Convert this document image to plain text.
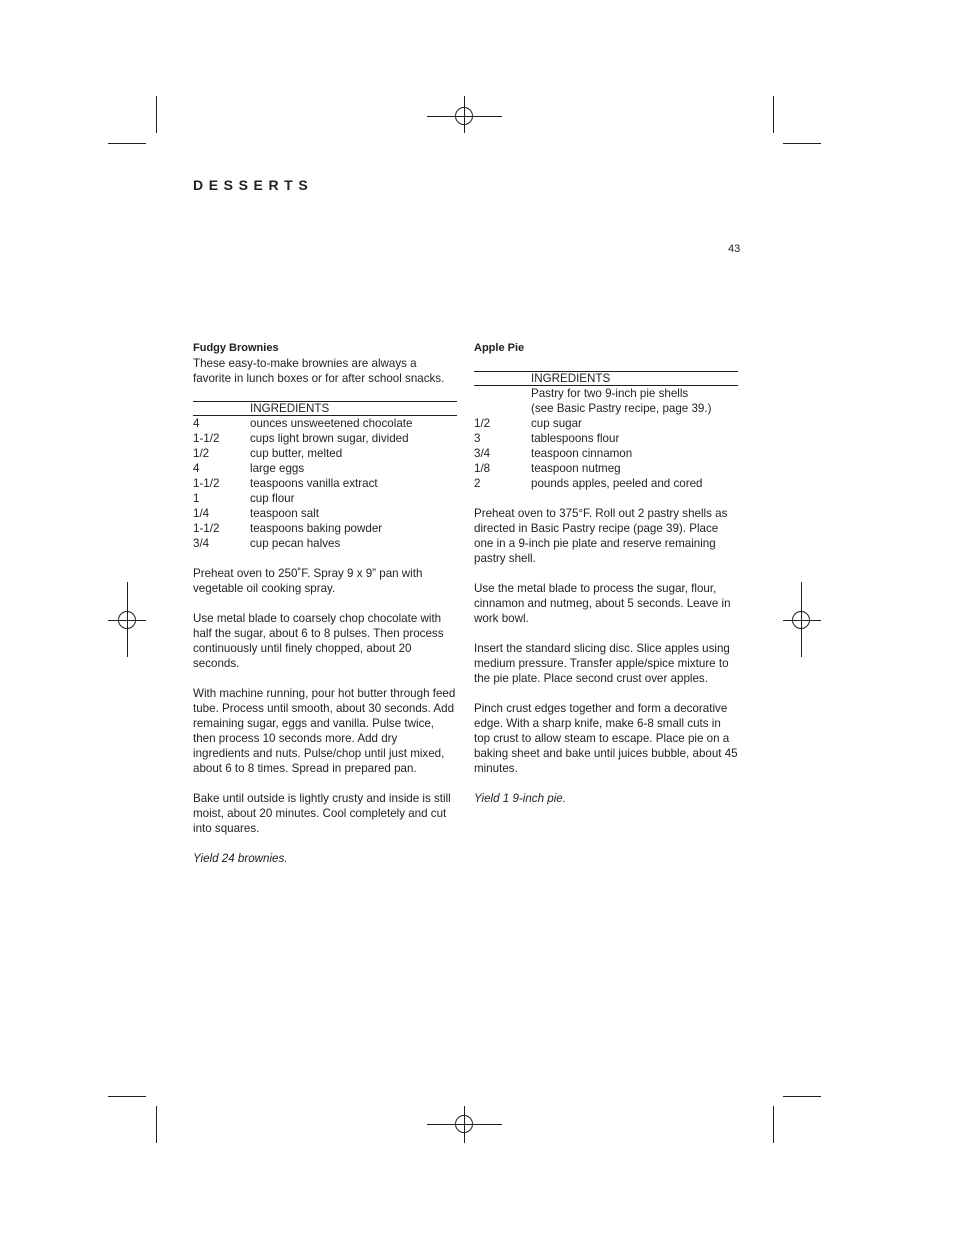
DESSERTS
43
Fudgy Brownies
These easy-to-make brownies are always a favorite in lunch boxes or for after school snacks.
	INGREDIENTS
4	ounces unsweetened chocolate
1-1/2	cups light brown sugar, divided
1/2	cup butter, melted
4	large eggs
1-1/2	teaspoons vanilla extract
1	cup flour
1/4	teaspoon salt
1-1/2	teaspoons baking powder
3/4	cup pecan halves

Preheat oven to 250˚F. Spray 9 x 9” pan with vegetable oil cooking spray.

Use metal blade to coarsely chop chocolate with half the sugar, about 6 to 8 pulses. Then process continuously until finely chopped, about 20 seconds.

With machine running, pour hot butter through feed tube. Process until smooth, about 30 seconds. Add remaining sugar, eggs and vanilla. Pulse twice, then process 10 seconds more. Add dry ingredients and nuts. Pulse/chop until just mixed, about 6 to 8 times. Spread in prepared pan.

Bake until outside is lightly crusty and inside is still moist, about 20 minutes. Cool completely and cut into squares.

Yield 24 brownies.

Apple Pie
	INGREDIENTS
	Pastry for two 9-inch pie shells
	(see Basic Pastry recipe, page 39.)
1/2	cup sugar
3	tablespoons flour
3/4	teaspoon cinnamon
1/8	teaspoon nutmeg
2	pounds apples, peeled and cored

Preheat oven to 375°F. Roll out 2 pastry shells as directed in Basic Pastry recipe (page 39). Place one in a 9-inch pie plate and reserve remaining pastry shell.

Use the metal blade to process the sugar, flour, cinnamon and nutmeg, about 5 seconds. Leave in work bowl.

Insert the standard slicing disc. Slice apples using medium pressure. Transfer apple/spice mixture to the pie plate. Place second crust over apples.

Pinch crust edges together and form a decorative edge. With a sharp knife, make 6-8 small cuts in top crust to allow steam to escape. Place pie on a baking sheet and bake until juices bubble, about 45 minutes.

Yield 1 9-inch pie.
